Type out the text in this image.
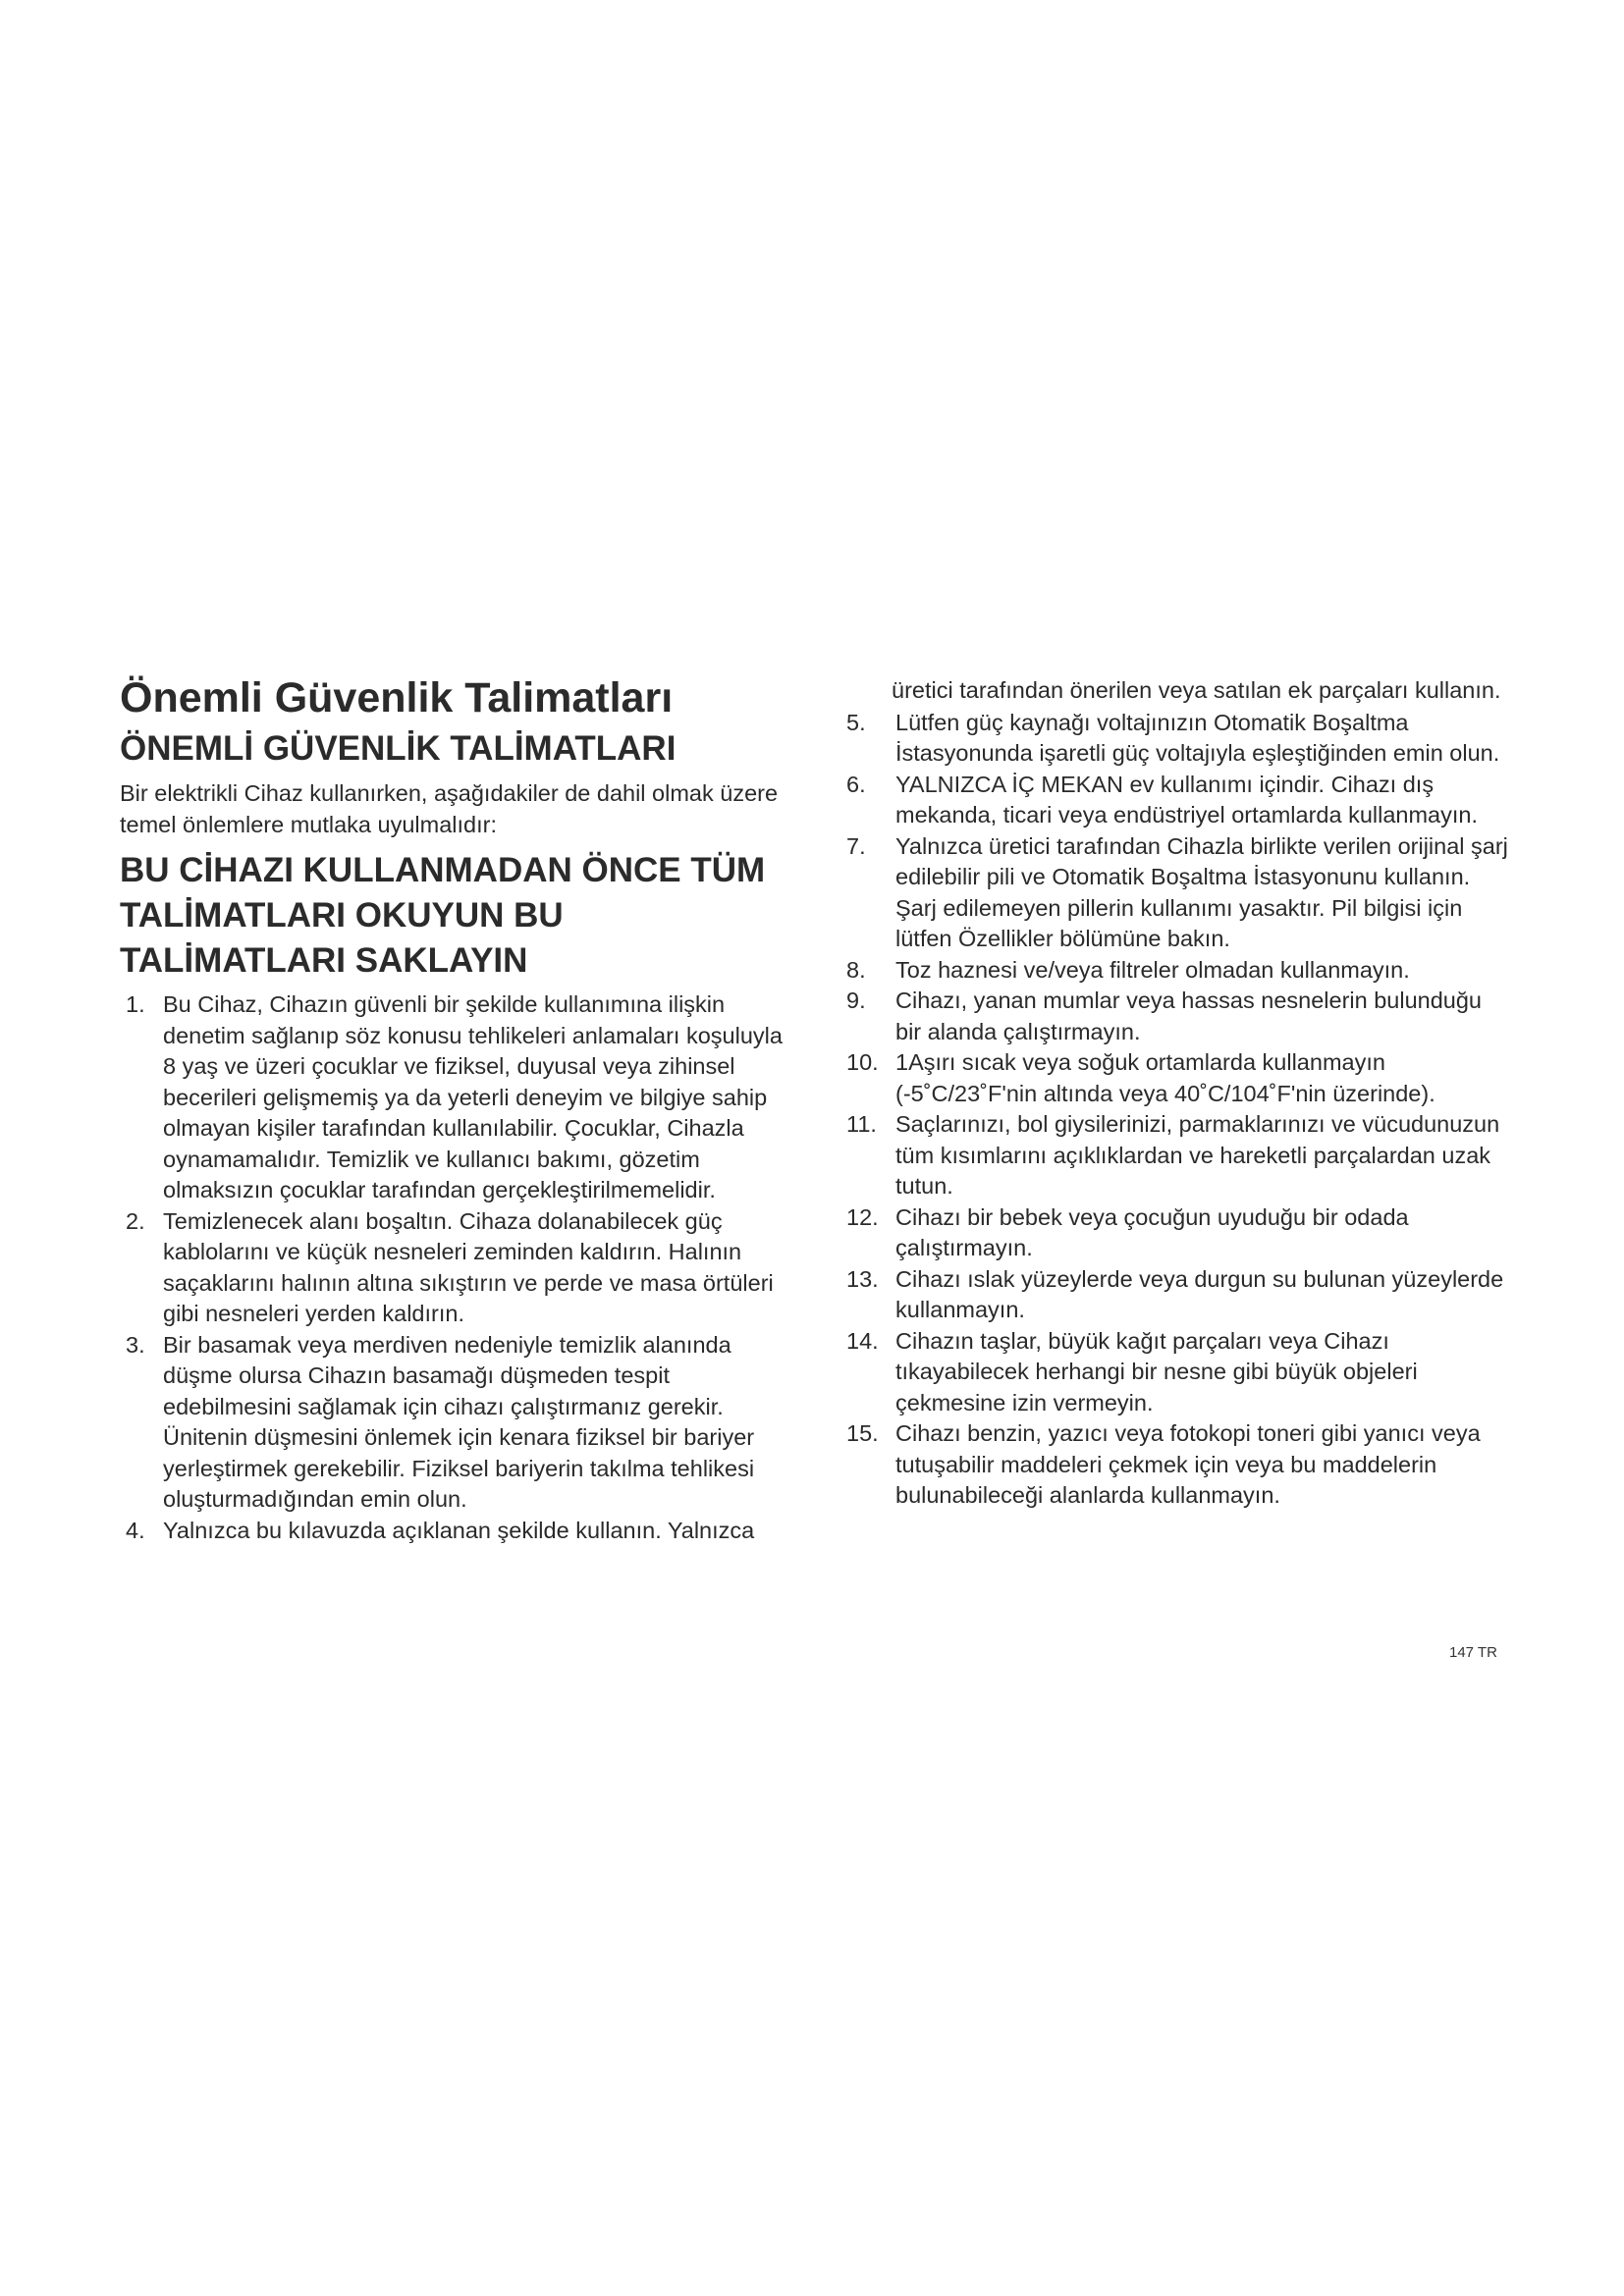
Önemli Güvenlik Talimatları
ÖNEMLİ GÜVENLİK TALİMATLARI

Bir elektrikli Cihaz kullanırken, aşağıdakiler de dahil olmak üzere temel önlemlere mutlaka uyulmalıdır:

BU CİHAZI KULLANMADAN ÖNCE TÜM TALİMATLARI OKUYUN BU TALİMATLARI SAKLAYIN

1. Bu Cihaz, Cihazın güvenli bir şekilde kullanımına ilişkin denetim sağlanıp söz konusu tehlikeleri anlamaları koşuluyla 8 yaş ve üzeri çocuklar ve fiziksel, duyusal veya zihinsel becerileri gelişmemiş ya da yeterli deneyim ve bilgiye sahip olmayan kişiler tarafından kullanılabilir. Çocuklar, Cihazla oynamamalıdır. Temizlik ve kullanıcı bakımı, gözetim olmaksızın çocuklar tarafından gerçekleştirilmemelidir.
2. Temizlenecek alanı boşaltın. Cihaza dolanabilecek güç kablolarını ve küçük nesneleri zeminden kaldırın. Halının saçaklarını halının altına sıkıştırın ve perde ve masa örtüleri gibi nesneleri yerden kaldırın.
3. Bir basamak veya merdiven nedeniyle temizlik alanında düşme olursa Cihazın basamağı düşmeden tespit edebilmesini sağlamak için cihazı çalıştırmanız gerekir. Ünitenin düşmesini önlemek için kenara fiziksel bir bariyer yerleştirmek gerekebilir. Fiziksel bariyerin takılma tehlikesi oluşturmadığından emin olun.
4. Yalnızca bu kılavuzda açıklanan şekilde kullanın. Yalnızca

üretici tarafından önerilen veya satılan ek parçaları kullanın.

5.	Lütfen güç kaynağı voltajınızın Otomatik Boşaltma İstasyonunda işaretli güç voltajıyla eşleştiğinden emin olun.
6.	YALNIZCA İÇ MEKAN ev kullanımı içindir. Cihazı dış mekanda, ticari veya endüstriyel ortamlarda kullanmayın.
7.	Yalnızca üretici tarafından Cihazla birlikte verilen orijinal şarj edilebilir pili ve Otomatik Boşaltma İstasyonunu kullanın. Şarj edilemeyen pillerin kullanımı yasaktır. Pil bilgisi için lütfen Özellikler bölümüne bakın.
8.	Toz haznesi ve/veya filtreler olmadan kullanmayın.
9.	Cihazı, yanan mumlar veya hassas nesnelerin bulunduğu bir alanda çalıştırmayın.
10. 1Aşırı sıcak veya soğuk ortamlarda kullanmayın (-5˚C/23˚F'nin altında veya 40˚C/104˚F'nin üzerinde).
11. Saçlarınızı, bol giysilerinizi, parmaklarınızı ve vücudunuzun tüm kısımlarını açıklıklardan ve hareketli parçalardan uzak tutun.
12. Cihazı bir bebek veya çocuğun uyuduğu bir odada çalıştırmayın.
13. Cihazı ıslak yüzeylerde veya durgun su bulunan yüzeylerde kullanmayın.
14. Cihazın taşlar, büyük kağıt parçaları veya Cihazı tıkayabilecek herhangi bir nesne gibi büyük objeleri çekmesine izin vermeyin.
15. Cihazı benzin, yazıcı veya fotokopi toneri gibi yanıcı veya tutuşabilir maddeleri çekmek için veya bu maddelerin bulunabileceği alanlarda kullanmayın.
147 TR
